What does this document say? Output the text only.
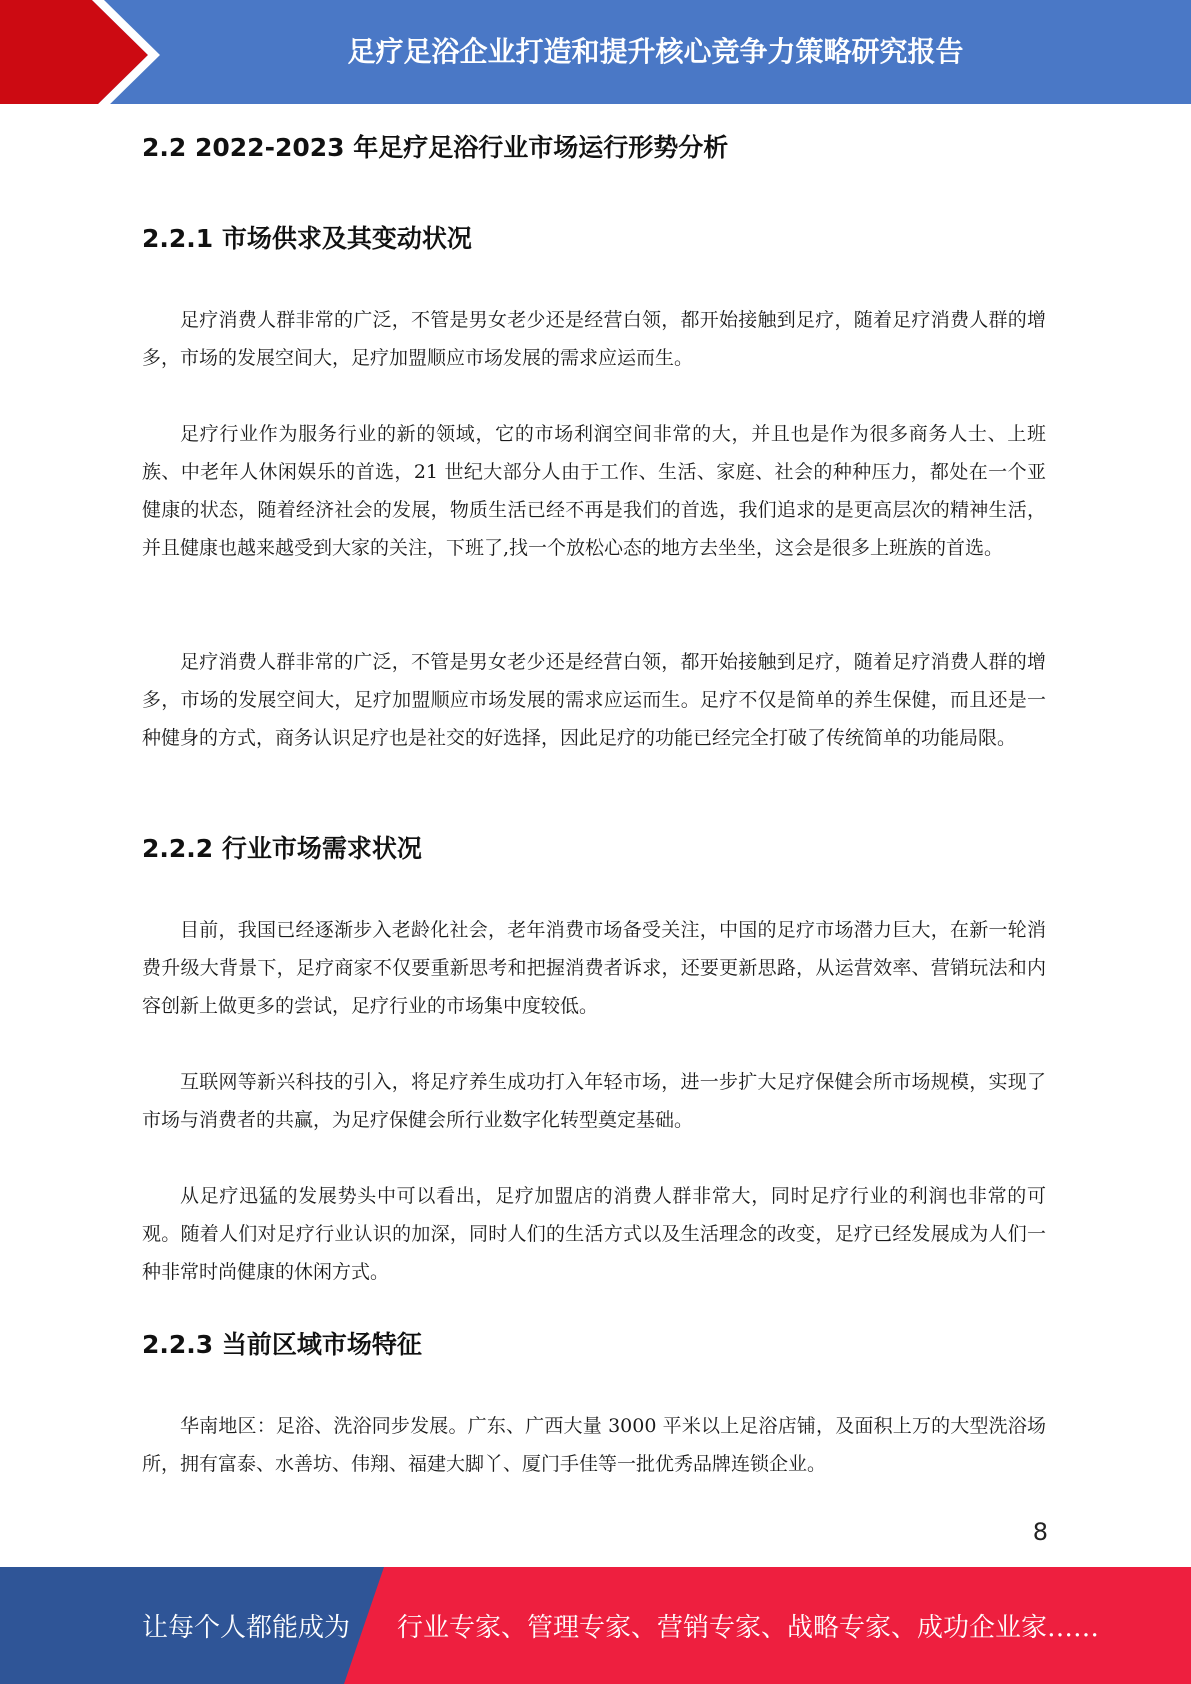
足疗足浴企业打造和提升核心竞争力策略研究报告
2.2 2022-2023 年足疗足浴行业市场运行形势分析
2.2.1 市场供求及其变动状况

足疗消费人群非常的广泛，不管是男女老少还是经营白领，都开始接触到足疗，随着足疗消费人群的增多，市场的发展空间大，足疗加盟顺应市场发展的需求应运而生。

足疗行业作为服务行业的新的领域，它的市场利润空间非常的大，并且也是作为很多商务人士、上班族、中老年人休闲娱乐的首选，21 世纪大部分人由于工作、生活、家庭、社会的种种压力，都处在一个亚健康的状态，随着经济社会的发展，物质生活已经不再是我们的首选，我们追求的是更高层次的精神生活，并且健康也越来越受到大家的关注，下班了,找一个放松心态的地方去坐坐，这会是很多上班族的首选。

足疗消费人群非常的广泛，不管是男女老少还是经营白领，都开始接触到足疗，随着足疗消费人群的增多，市场的发展空间大，足疗加盟顺应市场发展的需求应运而生。足疗不仅是简单的养生保健，而且还是一种健身的方式，商务认识足疗也是社交的好选择，因此足疗的功能已经完全打破了传统简单的功能局限。

2.2.2 行业市场需求状况

目前，我国已经逐渐步入老龄化社会，老年消费市场备受关注，中国的足疗市场潜力巨大，在新一轮消费升级大背景下，足疗商家不仅要重新思考和把握消费者诉求，还要更新思路，从运营效率、营销玩法和内容创新上做更多的尝试，足疗行业的市场集中度较低。

互联网等新兴科技的引入，将足疗养生成功打入年轻市场，进一步扩大足疗保健会所市场规模，实现了市场与消费者的共赢，为足疗保健会所行业数字化转型奠定基础。

从足疗迅猛的发展势头中可以看出，足疗加盟店的消费人群非常大，同时足疗行业的利润也非常的可观。随着人们对足疗行业认识的加深，同时人们的生活方式以及生活理念的改变，足疗已经发展成为人们一种非常时尚健康的休闲方式。

2.2.3 当前区域市场特征

华南地区：足浴、洗浴同步发展。广东、广西大量 3000 平米以上足浴店铺，及面积上万的大型洗浴场所，拥有富泰、水善坊、伟翔、福建大脚丫、厦门手佳等一批优秀品牌连锁企业。

8
让每个人都能成为 行业专家、管理专家、营销专家、战略专家、成功企业家……
